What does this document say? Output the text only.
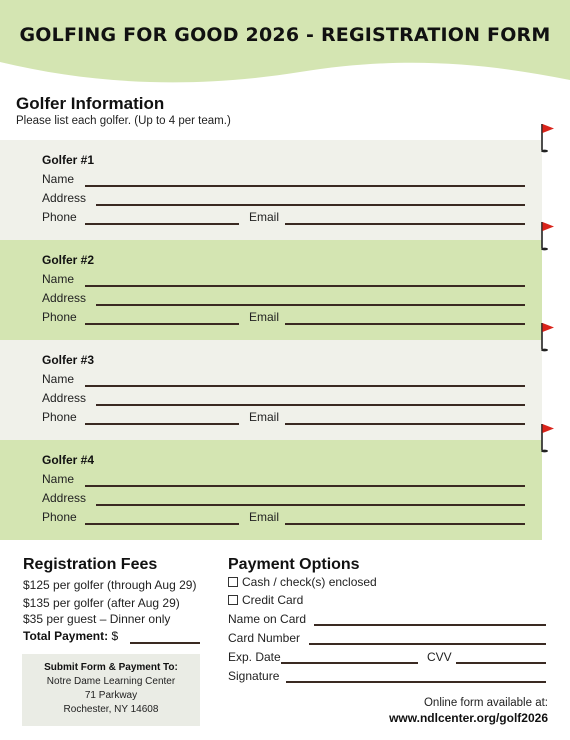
GOLFING FOR GOOD 2026 - REGISTRATION FORM
Golfer Information
Please list each golfer. (Up to 4 per team.)
Golfer #1
Name
Address
Phone	Email
Golfer #2
Name
Address
Phone	Email
Golfer #3
Name
Address
Phone	Email
Golfer #4
Name
Address
Phone	Email
Registration Fees
$125 per golfer (through Aug 29)
$135 per golfer (after Aug 29)
$35 per guest – Dinner only
Total Payment: $
Submit Form & Payment To:
Notre Dame Learning Center
71 Parkway
Rochester, NY 14608
Payment Options
Cash / check(s) enclosed
Credit Card
Name on Card
Card Number
Exp. Date	CVV
Signature
Online form available at:
www.ndlcenter.org/golf2026
